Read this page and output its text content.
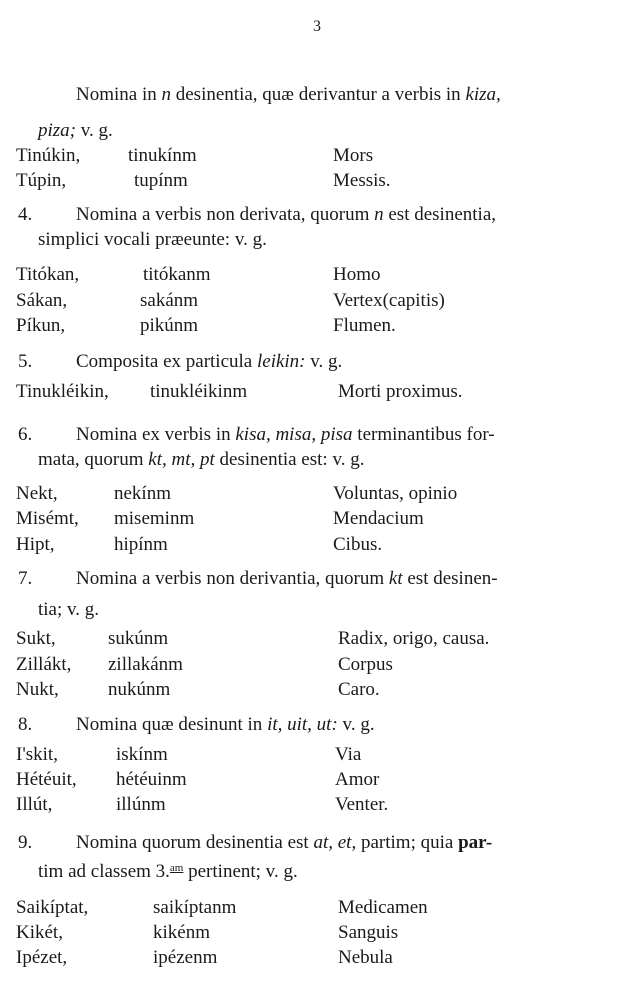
3
Nomina in n desinentia, quæ derivantur a verbis in kiza,
piza; v. g.
Tinúkin,	tinukínm	Mors
Túpin,	tupínm	Messis.
4. Nomina a verbis non derivata, quorum n est desinentia,
simplici vocali præeunte: v. g.
Titókan,	titókanm	Homo
Sákan,	sakánm	Vertex(capitis)
Píkun,	pikúnm	Flumen.
5. Composita ex particula leikin: v. g.
Tinukléikin, tinukléikinm	Morti proximus.
6. Nomina ex verbis in kisa, misa, pisa terminantibus for-
mata, quorum kt, mt, pt desinentia est: v. g.
Nekt,	nekínm	Voluntas, opinio
Misémt, miseminm	Mendacium
Hipt,	hipínm	Cibus.
7. Nomina a verbis non derivantia, quorum kt est desinen-
tia; v. g.
Sukt,	sukúnm	Radix, origo, causa.
Zillákt, zillakánm	Corpus
Nukt,	nukúnm	Caro.
8. Nomina quæ desinunt in it, uit, ut: v. g.
I'skit,	iskínm	Via
Hétéuit, hétéuinm	Amor
Illút,	illúnm	Venter.
9. Nomina quorum desinentia est at, et, partim; quia par-
tim ad classem 3.$^{am}$ pertinent; v. g.
Saikíptat,	saikíptanm	Medicamen
Kikét,	kikénm	Sanguis
Ipézet,	ipézenm	Nebula
